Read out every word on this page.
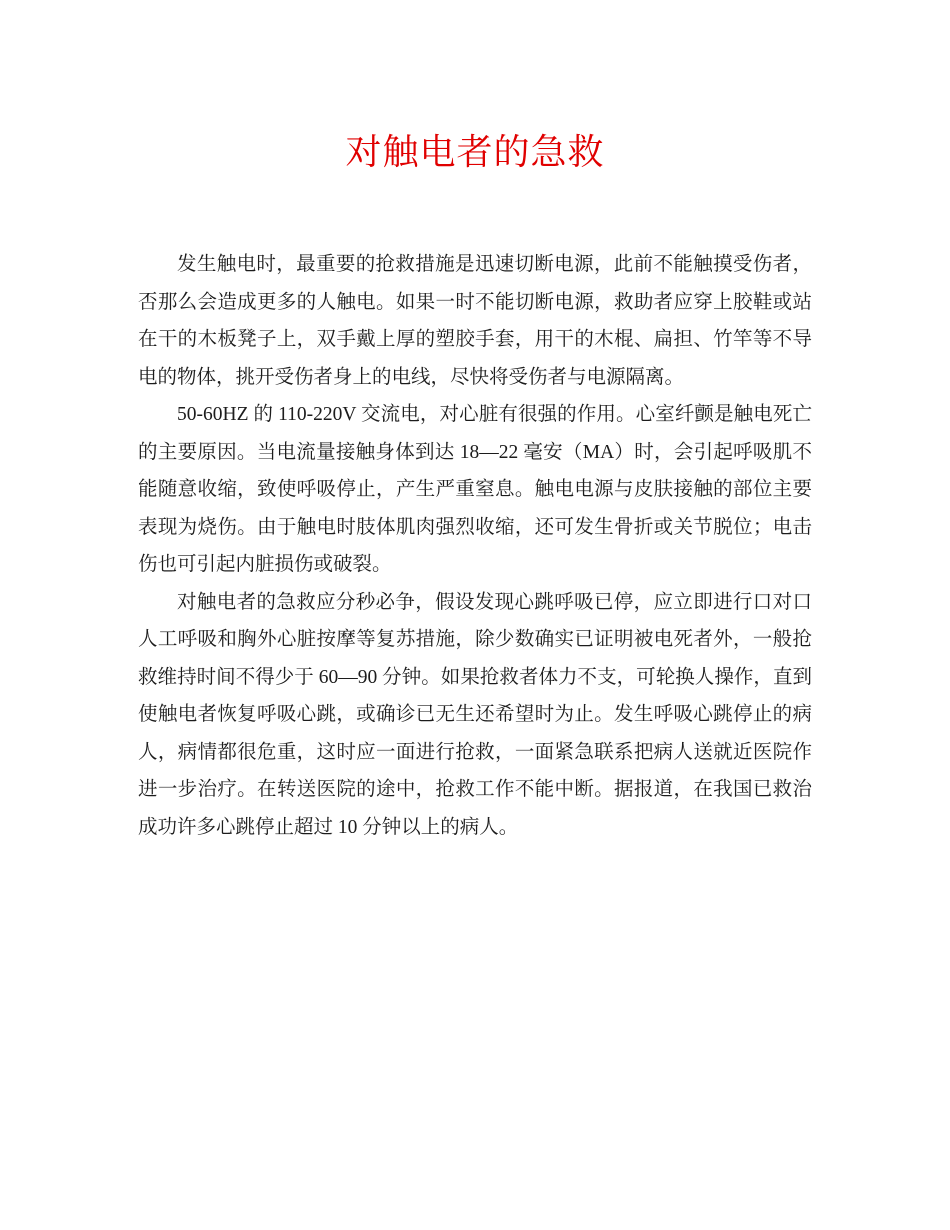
对触电者的急救

发生触电时，最重要的抢救措施是迅速切断电源，此前不能触摸受伤者，否那么会造成更多的人触电。如果一时不能切断电源，救助者应穿上胶鞋或站在干的木板凳子上，双手戴上厚的塑胶手套，用干的木棍、扁担、竹竿等不导电的物体，挑开受伤者身上的电线，尽快将受伤者与电源隔离。

50-60HZ 的 110-220V 交流电，对心脏有很强的作用。心室纤颤是触电死亡的主要原因。当电流量接触身体到达 18—22 毫安（MA）时，会引起呼吸肌不能随意收缩，致使呼吸停止，产生严重窒息。触电电源与皮肤接触的部位主要表现为烧伤。由于触电时肢体肌肉强烈收缩，还可发生骨折或关节脱位；电击伤也可引起内脏损伤或破裂。

对触电者的急救应分秒必争，假设发现心跳呼吸已停，应立即进行口对口人工呼吸和胸外心脏按摩等复苏措施，除少数确实已证明被电死者外，一般抢救维持时间不得少于 60—90 分钟。如果抢救者体力不支，可轮换人操作，直到使触电者恢复呼吸心跳，或确诊已无生还希望时为止。发生呼吸心跳停止的病人，病情都很危重，这时应一面进行抢救，一面紧急联系把病人送就近医院作进一步治疗。在转送医院的途中，抢救工作不能中断。据报道，在我国已救治成功许多心跳停止超过 10 分钟以上的病人。
